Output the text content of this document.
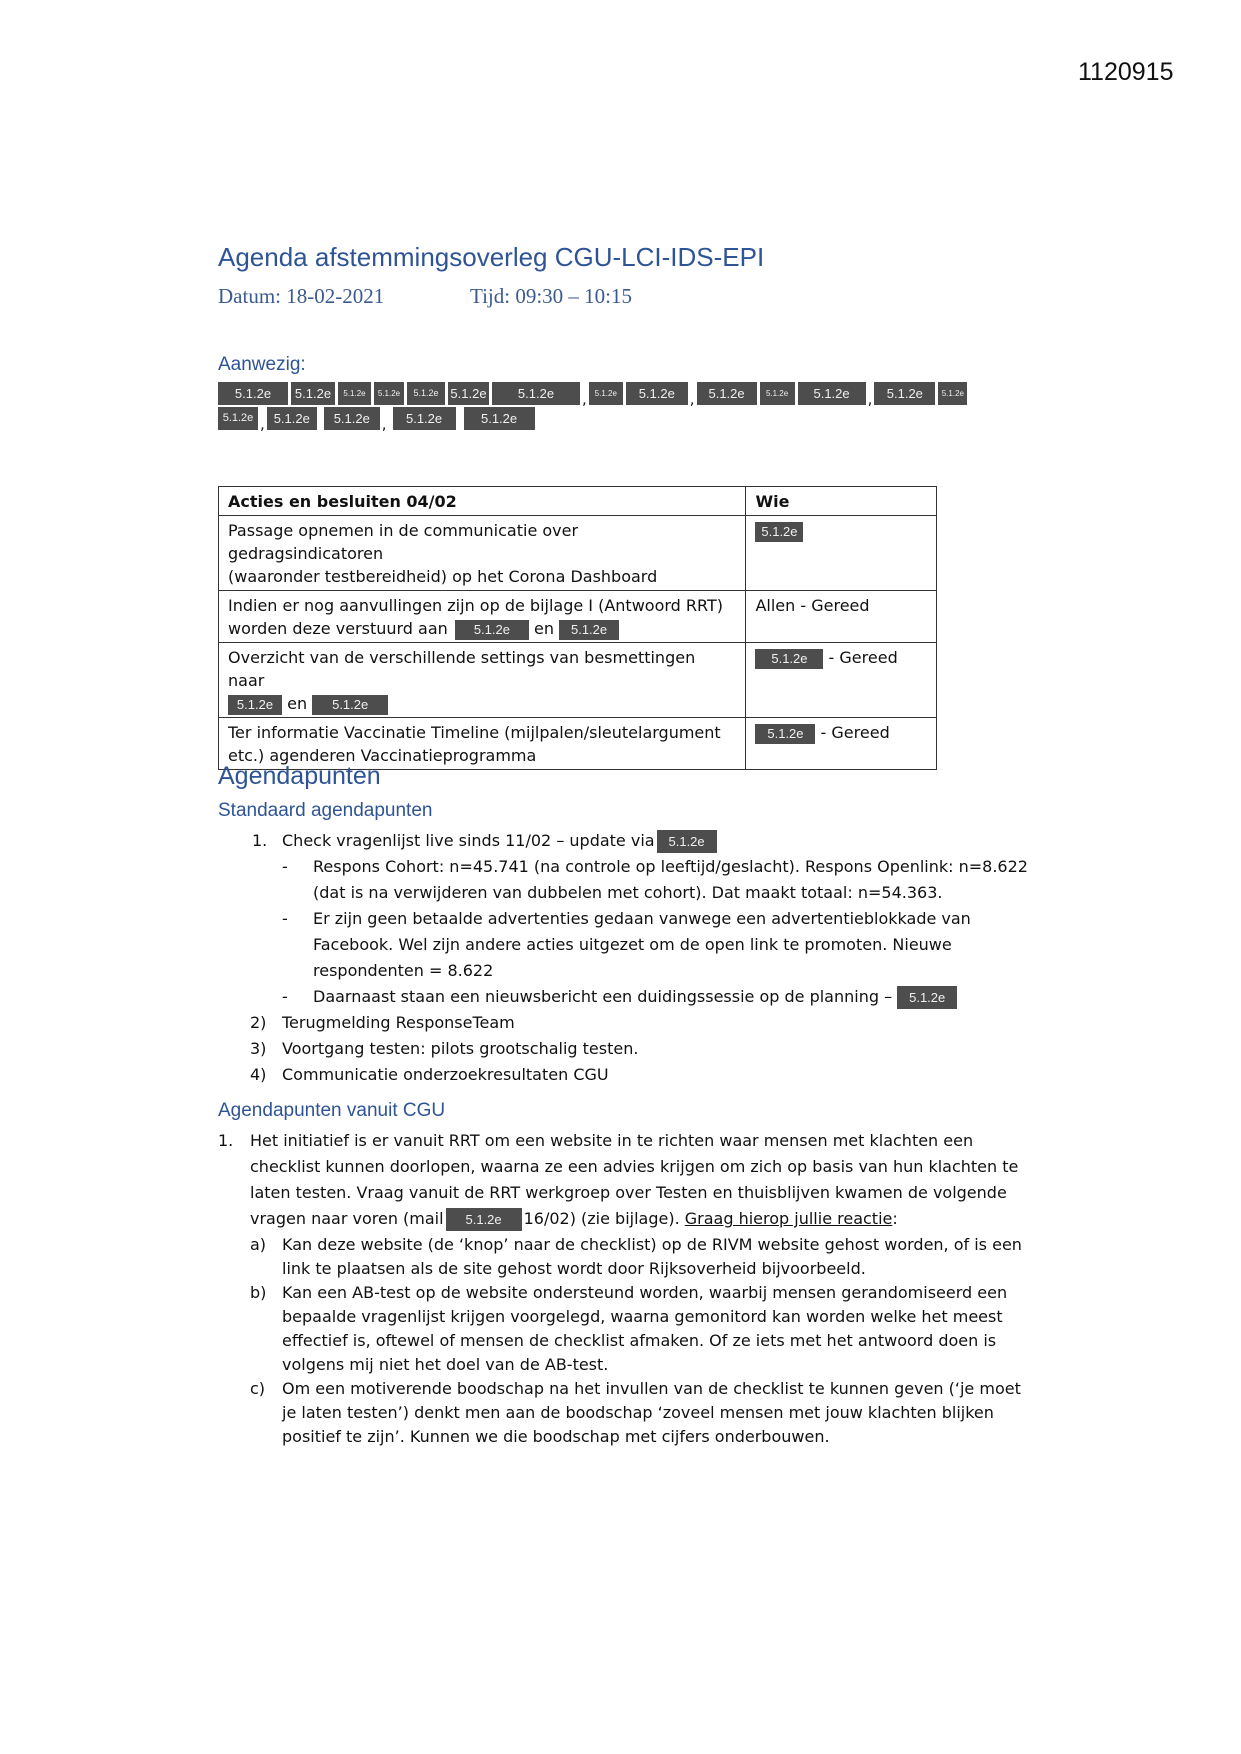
1120915
Agenda afstemmingsoverleg CGU-LCI-IDS-EPI
Datum: 18-02-2021	Tijd: 09:30 – 10:15
Aanwezig:
5.1.2e	5.1.2e	5.1.2e	5.1.2e	5.1.2e 5.1.2e	5.1.2e	, 5.1.2e	5.1.2e ,	5.1.2e	5.1.2e	5.1.2e	,	5.1.2e	5.1.2e
5.1.2e , 5.1.2e	5.1.2e ,	5.1.2e	5.1.2e
Acties en besluiten 04/02	Wie

Passage opnemen in de communicatie over gedragsindicatoren
(waaronder testbereidheid) op het Corona Dashboard	5.1.2e

Indien er nog aanvullingen zijn op de bijlage I (Antwoord RRT)
worden deze verstuurd aan 5.1.2e en 5.1.2e	Allen - Gereed

Overzicht van de verschillende settings van besmettingen naar
5.1.2e en 5.1.2e	5.1.2e - Gereed

Ter informatie Vaccinatie Timeline (mijlpalen/sleutelargument
etc.) agenderen Vaccinatieprogramma	5.1.2e - Gereed
Agendapunten
Standaard agendapunten
1. Check vragenlijst live sinds 11/02 – update via 5.1.2e
- Respons Cohort: n=45.741 (na controle op leeftijd/geslacht). Respons Openlink: n=8.622
(dat is na verwijderen van dubbelen met cohort). Dat maakt totaal: n=54.363.
- Er zijn geen betaalde advertenties gedaan vanwege een advertentieblokkade van
Facebook. Wel zijn andere acties uitgezet om de open link te promoten. Nieuwe
respondenten = 8.622
- Daarnaast staan een nieuwsbericht een duidingssessie op de planning – 5.1.2e
2) Terugmelding ResponseTeam
3) Voortgang testen: pilots grootschalig testen.
4) Communicatie onderzoekresultaten CGU
Agendapunten vanuit CGU
1. Het initiatief is er vanuit RRT om een website in te richten waar mensen met klachten een
checklist kunnen doorlopen, waarna ze een advies krijgen om zich op basis van hun klachten te
laten testen. Vraag vanuit de RRT werkgroep over Testen en thuisblijven kwamen de volgende
vragen naar voren (mail 5.1.2e 16/02) (zie bijlage). Graag hierop jullie reactie:
a) Kan deze website (de ‘knop’ naar de checklist) op de RIVM website gehost worden, of is een
link te plaatsen als de site gehost wordt door Rijksoverheid bijvoorbeeld.
b) Kan een AB-test op de website ondersteund worden, waarbij mensen gerandomiseerd een
bepaalde vragenlijst krijgen voorgelegd, waarna gemonitord kan worden welke het meest
effectief is, oftewel of mensen de checklist afmaken. Of ze iets met het antwoord doen is
volgens mij niet het doel van de AB-test.
c) Om een motiverende boodschap na het invullen van de checklist te kunnen geven (‘je moet
je laten testen’) denkt men aan de boodschap ‘zoveel mensen met jouw klachten blijken
positief te zijn’. Kunnen we die boodschap met cijfers onderbouwen.
